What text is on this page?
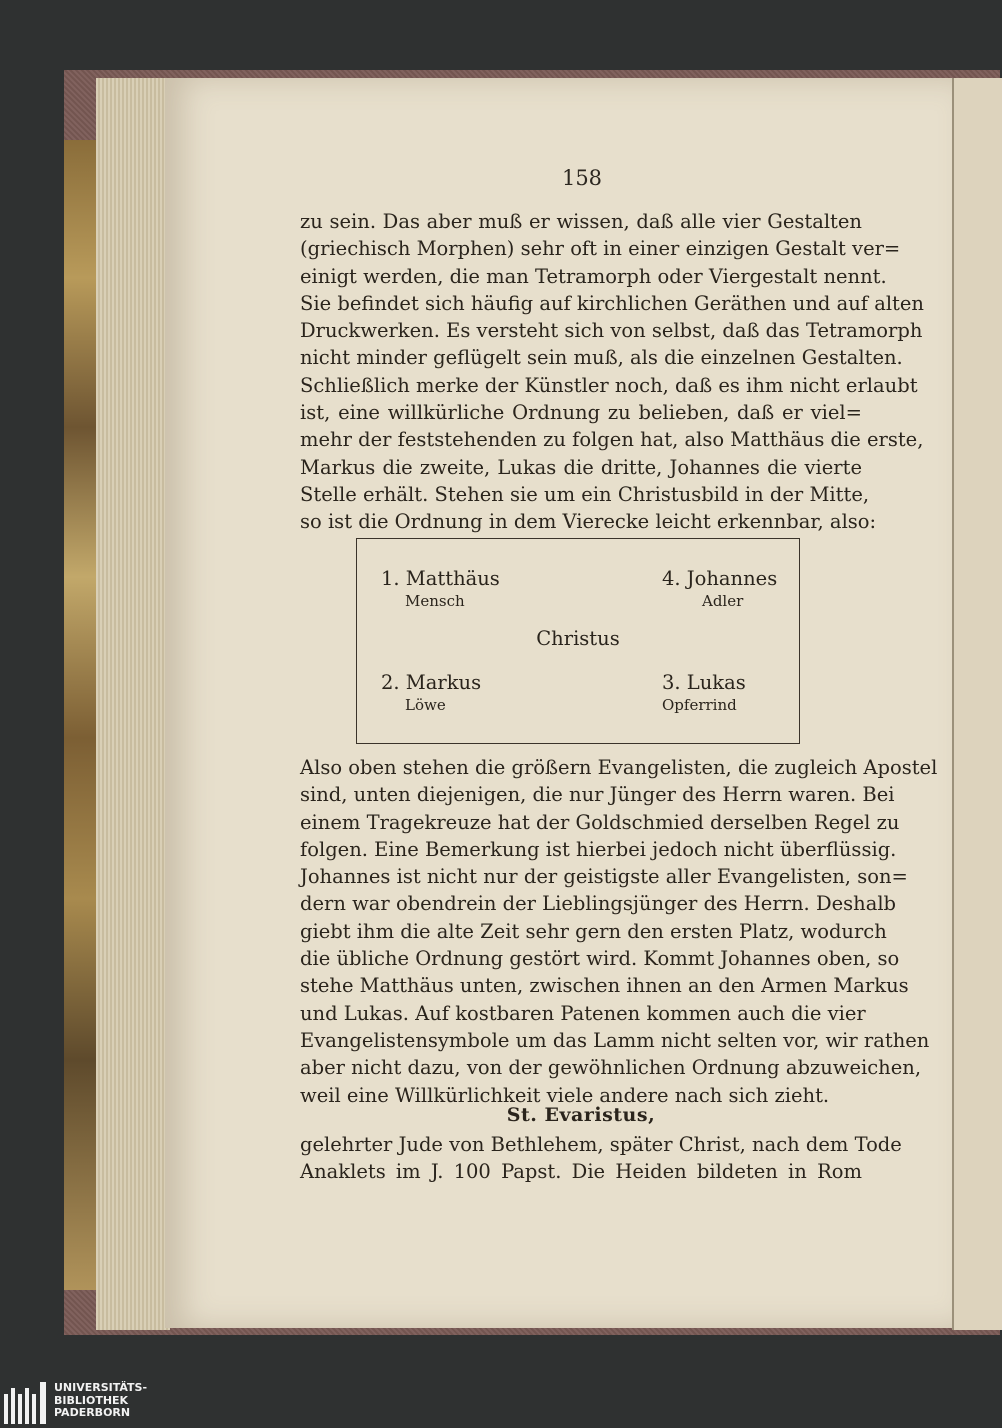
158
zu sein. Das aber muß er wissen, daß alle vier Gestalten
(griechisch Morphen) sehr oft in einer einzigen Gestalt ver=
einigt werden, die man Tetramorph oder Viergestalt nennt.
Sie befindet sich häufig auf kirchlichen Geräthen und auf alten
Druckwerken. Es versteht sich von selbst, daß das Tetramorph
nicht minder geflügelt sein muß, als die einzelnen Gestalten.
Schließlich merke der Künstler noch, daß es ihm nicht erlaubt
ist, eine willkürliche Ordnung zu belieben, daß er viel=
mehr der feststehenden zu folgen hat, also Matthäus die erste,
Markus die zweite, Lukas die dritte, Johannes die vierte
Stelle erhält. Stehen sie um ein Christusbild in der Mitte,
so ist die Ordnung in dem Vierecke leicht erkennbar, also:
1. Matthäus
Mensch
4. Johannes
Adler
Christus
2. Markus
Löwe
3. Lukas
Opferrind
Also oben stehen die größern Evangelisten, die zugleich Apostel
sind, unten diejenigen, die nur Jünger des Herrn waren. Bei
einem Tragekreuze hat der Goldschmied derselben Regel zu
folgen. Eine Bemerkung ist hierbei jedoch nicht überflüssig.
Johannes ist nicht nur der geistigste aller Evangelisten, son=
dern war obendrein der Lieblingsjünger des Herrn. Deshalb
giebt ihm die alte Zeit sehr gern den ersten Platz, wodurch
die übliche Ordnung gestört wird. Kommt Johannes oben, so
stehe Matthäus unten, zwischen ihnen an den Armen Markus
und Lukas. Auf kostbaren Patenen kommen auch die vier
Evangelistensymbole um das Lamm nicht selten vor, wir rathen
aber nicht dazu, von der gewöhnlichen Ordnung abzuweichen,
weil eine Willkürlichkeit viele andere nach sich zieht.
St. Evaristus,
gelehrter Jude von Bethlehem, später Christ, nach dem Tode
Anaklets im J. 100 Papst. Die Heiden bildeten in Rom
UNIVERSITÄTS-
BIBLIOTHEK
PADERBORN
